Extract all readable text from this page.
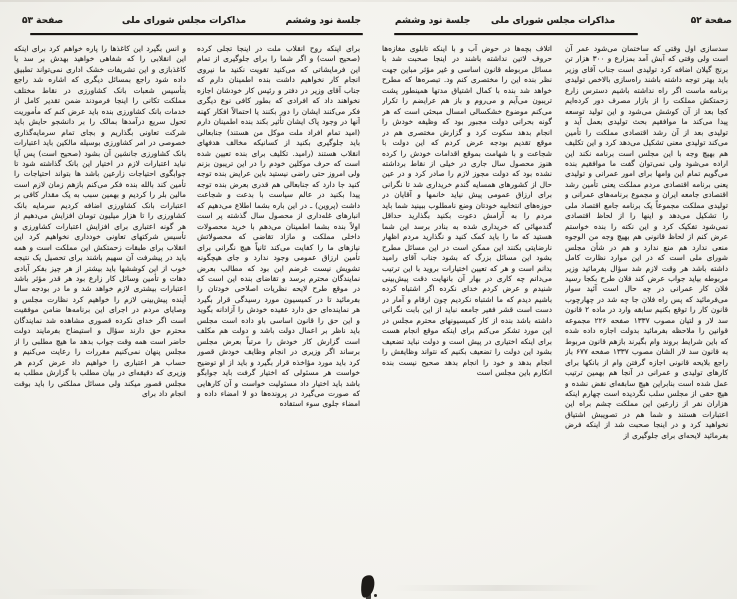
صفحة ۵۳	مذاکرات مجلس شورای ملی	جلسة نود وششم
برای اینکه روح انقلاب ملت در اینجا تجلی کرده (صحیح است) و اگر شما را برای جلوگیری از تمام این فرمایشاتی که می‌کنید تقویت نکنید ما نیروی انجام کار نخواهیم داشت بنده اطمینان دارم که جناب آقای وزیر در دفتر و رئیس کار خودشان اجازه نخواهند داد که افرادی که بطور کافی نوع دیگری فکر می‌کنند ایشان را دور بکنند یا احتمالاً افکار کهنه آنها در وجود پاک ایشان تأثیر بکند بنده اطمینان دارم (امید تمام افراد ملت موکل من هستند) جنابعالی باید جلوگیری بکنید از کسانیکه مخالف هدفهای انقلاب هستند (رامید. تکلیف برای بنده تعیین شده است که حرف موکلین خودم را در این تریبون بزنم ولی امروز حتی راضی نیستید باین عرایض بنده توجه کنید جا دارد که جنابعالی هم قدری بعرض بنده توجه پیدا بکنید در عالم سیاست با بدعت و شجاعت داشت (پروین) ـ در این باره بشما اطلاع می‌دهیم که انبارهای غله‌داری از محصول سال گذشته پر است اولاً بنده بشما اطمینان می‌دهم با خرید محصولات داخلی مملکت و مازاد تقاضی که محصولاتش نیازهای ما را کفایت می‌کند ثانیاً هیچ نگرانی برای تأمین ارزاق عمومی وجود ندارد و جای هیچگونه تشویش نیست غرضم این بود که مطالب بعرض نمایندگان محترم برسد و تقاضای بنده این است که در موقع طرح لایحه نظریات اصلاحی خودتان را بفرمائید تا در کمیسیون مورد رسیدگی قرار بگیرد هر نماینده‌ای حق دارد عقیده خودش را آزادانه بگوید و این حق را قانون اساسی باو داده است مجلس باید ناظر بر اعمال دولت باشد و دولت هم مکلف است گزارش کار خودش را مرتباً بعرض مجلس برساند اگر وزیری در انجام وظایف خودش قصور کرد باید مورد مؤاخذه قرار بگیرد و باید از او توضیح خواست هر مسئولی که اختیار گرفت باید جوابگو باشد باید اختیار داد مسئولیت خواست و آن کارهایی که صورت می‌گیرد در پرونده‌ها دو لا امضاء داده و امضاء جلوی سوء استفاده
و انس بگیرد این کاغذها را پاره خواهم کرد برای اینکه این انقلابی را که شفاهی خواهید بهدش بر سد یا کاغذبازی و این تشریفات خشک اداری نمی‌تواند تطبیق داده شود راجع بمسائل دیگری که اشاره شد راجع بتأسیس شعبات بانک کشاورزی در نقاط مختلف مملکت تکانی را اینجا فرمودند ضمن تقدیر کامل از خدمات بانک کشاورزی بنده باید عرض کنم که مأموریت تحول سریع درآمدها بمالک را بر دانشجو حایش باید شرکت تعاونی بگذاریم و بجای تمام سرمایه‌گذاری خصوصی در امر کشاورزی بوسیله مالکین باید اعتبارات بانک کشاورزی جانشین آن بشود (صحیح است) پس آیا نباید اعتبارات لازم در اختیار این بانک گذاشته شود تا جوابگوی احتیاجات زارعین باشد ها بتواند احتیاجات را تأمین کند بالله بنده فکر می‌کنم بازهم زمان لازم است مالین بلر را کردیم و بهمین سبب به یک مقدار کافی بر اعتبارات بانک کشاورزی اضافه کردیم سرمایه بانک کشاورزی را تا هزار میلیون تومان افزایش می‌دهیم از هر گونه اعتباری برای افزایش اعتبارات کشاورزی و تأسیس شرکتهای تعاونی خودداری نخواهیم کرد این انقلاب برای طبقات زحمتکش این مملکت است و همه باید در پیشرفت آن سهیم باشند برای تحصیل یک نتیجه خوب از این کوششها باید بیشتر از هر چیز بفکر آبادی دهات و تأمین وسائل کار زارع بود هر قدر مؤثر باشد اعتبارات بیشتری لازم خواهد شد و ما در بودجه سال آینده پیش‌بینی لازم را خواهیم کرد نظارت مجلس و وصایای مردم در اجرای این برنامه‌ها ضامن موفقیت است اگر خدای نکرده قصوری مشاهده شد نمایندگان محترم حق دارند سؤال و استیضاح بفرمایند دولت حاضر است همه وقت جواب بدهد ما هیچ مطلبی را از مجلس پنهان نمی‌کنیم مقررات را رعایت می‌کنیم و حساب هر اعتباری را خواهیم داد عرض کردم هر وزیری که دقیقه‌ای در بیان مطلب با گزارش مطلب به مجلس قصور میکند ولی مسائل مملکتی را باید بوقت انجام داد برای
جلسة نود وششم مذاکرات مجلس شورای ملی	صفحة ۵۲
سدسازی اول وقتی که ساختمان می‌شود عمر آن است ولی وقتی که آبش آمد بمزارع و ۳۰۰ هزار تن برنج گیلان اضافه کرد تولیدی است جناب آقای وزیر باید بهتر توجه داشته باشند راه‌سازی بالاخص تولیدی برنامه ماست اگر راه نداشته باشیم دسترس زارع زحمتکش مملکت را از بازار مصرف دور کرده‌ایم کجا بعد از آن کوشش می‌شود و این تولید توسعه پیدا می‌کند ما موافقیم بحث تولیدی بعمل آید و تولیدی بعد از آن رشد اقتصادی مملکت را تأمین می‌کند تولیدی معنی تشکیل می‌دهد کرد و این تکلیف هم بهیچ وجه با این مجلس است برنامه نکند این اراده می‌شود ولی نمی‌توان گفت ما موافقیم بنده می‌گویم تمام این وامها برای امور عمرانی و تولیدی یعنی برنامه اقتصادی مردم مملکت یعنی تأمین رشد اقتصادی جامعه ایران و مجموع برنامه‌های عمرانی و تولیدی مملکت مجموعاً یک برنامه جامع اقتصاد ملی را تشکیل می‌دهد و اینها را از لحاظ اقتصادی نمی‌شود تفکیک کرد و این نکته را بنده خواستم عرض کنم از لحاظ قانونی هم بهیچ وجه من الوجوه منعی ندارد هم منع ندارد و هم در شأن مجلس شورای ملی است که در این موارد نظارت کامل داشته باشد هر وقت لازم شد سؤال بفرمائید وزیر مربوطه بیاید جواب عرض کند فلان طرح بکجا رسید فلان کار عمرانی در چه حال است آئید سوار می‌فرمائید که پس راه فلان جا چه شد در چهارچوب قانون کار را توقع بکنیم سابقه وارد در ماده ۲ قانون سد لار و لتیان مصوب ۱۳۳۷ صفحه ۲۲۶ مجموعه قوانین را ملاحظه بفرمائید بدولت اجازه داده شده که باین شرایط بروند وام بگیرند بازهم قانون مربوط به قانون سد لار الشان مصوب ۱۳۳۷ صفحه ۶۷۷ باز راجع بلایحه قانونی اجازه گرفتن وام از بانکها برای کارهای تولیدی و عمرانی در آنجا هم بهمین ترتیب عمل شده است بنابراین هیچ سابقه‌ای نقض نشده و هیچ حقی از مجلس سلب نگردیده است چهارم اینکه هزاران نفر از زارعین این مملکت چشم براه این اعتبارات هستند و شما هم در تصویبش اشتیاق نخواهید کرد و در اینجا صحبت شد از اینکه فرض بفرمائید لایحه‌ای برای جلوگیری از
اتلاف بچه‌ها در حوض آب و با اینکه تابلوی مغازه‌ها حروف لاتین نداشته باشند در اینجا صحبت شد با مسائل مربوطه قانون اساسی و غیر مؤثر مباین جهت نظر بنده این را مختصری کنم ود. تبصره‌ها که مطرح خواهد شد بنده با کمال اشتیاق مدتها همینطور پشت تریبون می‌آیم و می‌روم و باز هم عرایضم را تکرار می‌کنم موضوع خشکسالی امسال مبحثی است که هر گونه بحرانی دولت مجبور بود که وظیفه خودش را انجام بدهد سکوت کرد و گزارش مختصری هم در موقع تقدیم بودجه عرض کردم که این دولت با شجاعت و با شهامت بموقع اقدامات خودش را کرده هنوز محصول سال جاری در خیلی از نقاط برداشته نشده بود که دولت مجوز لازم را صادر کرد و در عین حال از کشورهای همسایه گندم خریداری شد تا نگرانی برای ارزاق عمومی پیش نیاید خانمها و آقایان در حوزه‌های انتخابیه خودتان وضع نامطلوب ببینید شما باید مردم را به آرامش دعوت بکنید بگذارید حداقل گندمهائی که خریداری شده به بنادر برسد این شما هستید که ما را باید کمک کنید و نگذارید مردم اظهار نارضایتی بکنند این ممکن است در این مسائل مطرح بشود این مسائل بزرگ که بشود جناب آقای رامید بدانم است و هر که تعیین اختیارات بروید با این ترتیب می‌دانم چه کاری در بهار آن بانهایت دقت پیش‌بینی شنیدم و عرض کردم خدای نکرده اگر اشتباه کرده باشیم دیدم که ما اشتباه نکردیم چون ارقام و آمار در دست است قشر فقیر جامعه نباید از این بابت نگرانی داشته باشد بنده از کار کمیسیونهای محترم مجلس در این مورد تشکر می‌کنم برای اینکه موقع انجام هست برای اینکه اختیاری در پیش است و دولت نباید تضعیف بشود این دولت را تضعیف بکنیم که نتواند وظایفش را انجام بدهد و خود را انجام بدهد صحیح نیست بنده انکارم باین مجلس است
